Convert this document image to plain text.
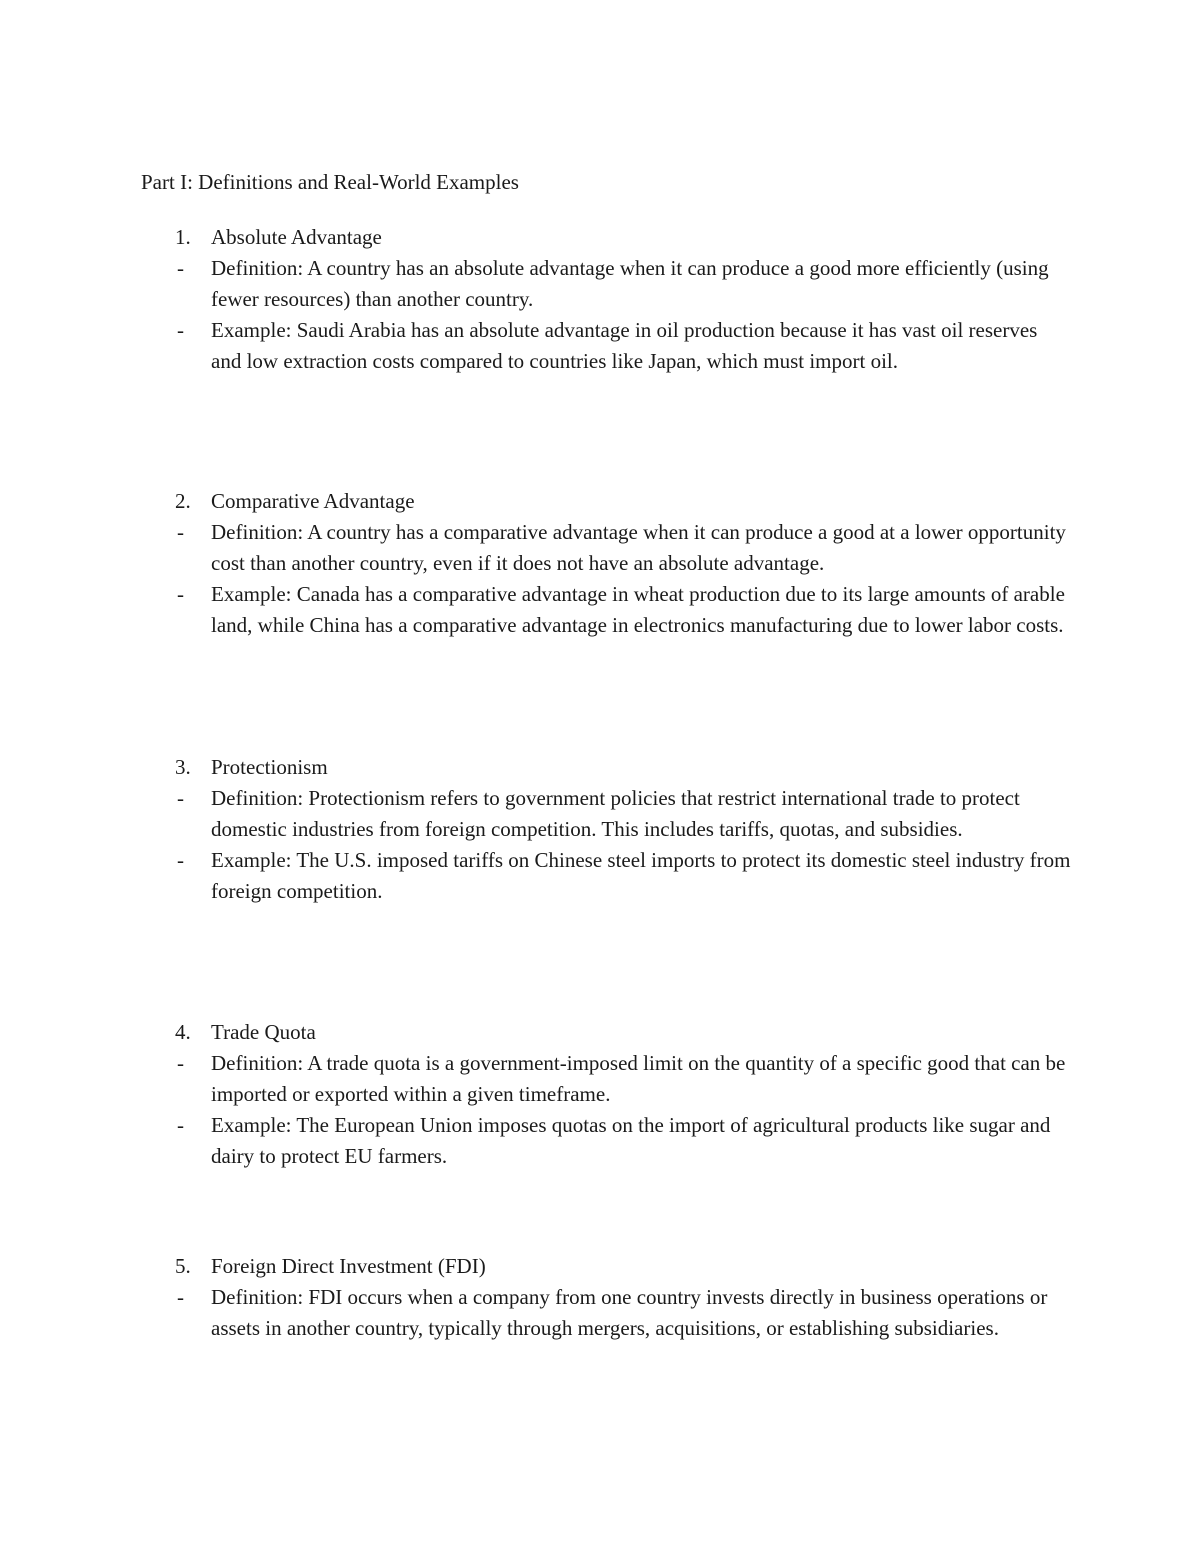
Part I: Definitions and Real-World Examples
1. Absolute Advantage
- Definition: A country has an absolute advantage when it can produce a good more efficiently (using fewer resources) than another country.
- Example: Saudi Arabia has an absolute advantage in oil production because it has vast oil reserves and low extraction costs compared to countries like Japan, which must import oil.
2. Comparative Advantage
- Definition: A country has a comparative advantage when it can produce a good at a lower opportunity cost than another country, even if it does not have an absolute advantage.
- Example: Canada has a comparative advantage in wheat production due to its large amounts of arable land, while China has a comparative advantage in electronics manufacturing due to lower labor costs.
3. Protectionism
- Definition: Protectionism refers to government policies that restrict international trade to protect domestic industries from foreign competition. This includes tariffs, quotas, and subsidies.
- Example: The U.S. imposed tariffs on Chinese steel imports to protect its domestic steel industry from foreign competition.
4. Trade Quota
- Definition: A trade quota is a government-imposed limit on the quantity of a specific good that can be imported or exported within a given timeframe.
- Example: The European Union imposes quotas on the import of agricultural products like sugar and dairy to protect EU farmers.
5. Foreign Direct Investment (FDI)
- Definition: FDI occurs when a company from one country invests directly in business operations or assets in another country, typically through mergers, acquisitions, or establishing subsidiaries.
